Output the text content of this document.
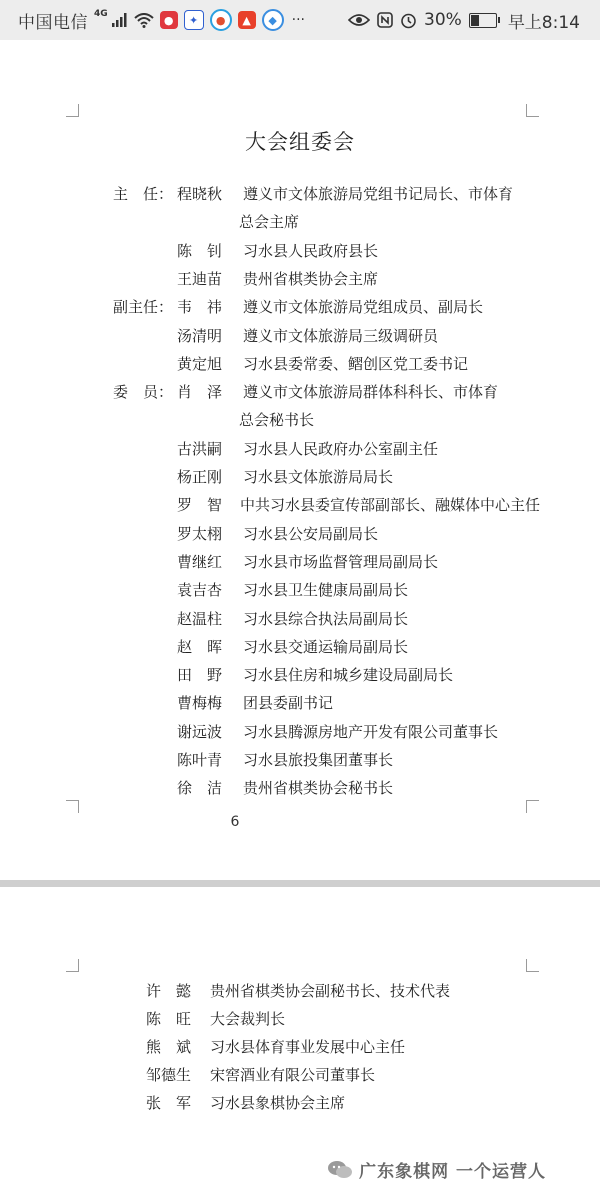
中国电信 4G	●	✦	●	▲	◆	···	30%	早上8:14
大会组委会
主　任： 程晓秋 遵义市文体旅游局党组书记局长、市体育
总会主席
陈　钊 习水县人民政府县长
王迪苗 贵州省棋类协会主席
副主任： 韦　祎 遵义市文体旅游局党组成员、副局长
汤清明 遵义市文体旅游局三级调研员
黄定旭 习水县委常委、鳛创区党工委书记
委　员： 肖　泽 遵义市文体旅游局群体科科长、市体育
总会秘书长
古洪嗣 习水县人民政府办公室副主任
杨正刚 习水县文体旅游局局长
罗　智 中共习水县委宣传部副部长、融媒体中心主任
罗太栩 习水县公安局副局长
曹继红 习水县市场监督管理局副局长
袁吉杏 习水县卫生健康局副局长
赵温柱 习水县综合执法局副局长
赵　晖 习水县交通运输局副局长
田　野 习水县住房和城乡建设局副局长
曹梅梅 团县委副书记
谢远波 习水县腾源房地产开发有限公司董事长
陈叶青 习水县旅投集团董事长
徐　洁 贵州省棋类协会秘书长
6
许　懿 贵州省棋类协会副秘书长、技术代表
陈　旺 大会裁判长
熊　斌 习水县体育事业发展中心主任
邹德生 宋窖酒业有限公司董事长
张　军 习水县象棋协会主席
广东象棋网 一个运营人
